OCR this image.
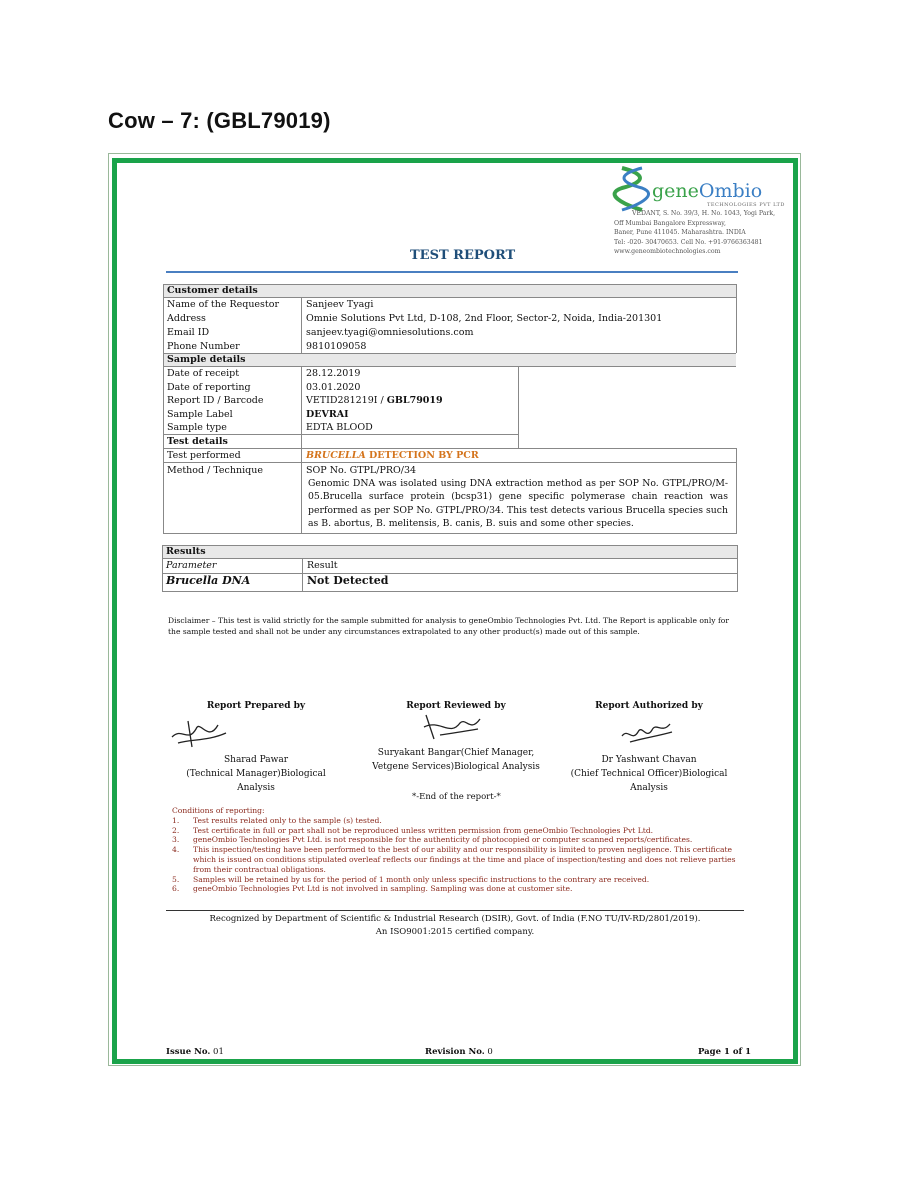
Cow – 7: (GBL79019)
geneOmbio
TECHNOLOGIES PVT LTD
VEDANT, S. No. 39/3, H. No. 1043, Yogi Park,
Off Mumbai Bangalore Expressway,
Baner, Pune 411045. Maharashtra. INDIA
Tel: -020- 30470653. Cell No. +91-9766363481
www.geneombiotechnologies.com
TEST REPORT
Customer details
Name of the Requestor	Sanjeev Tyagi
Address	Omnie Solutions Pvt Ltd, D-108, 2nd Floor, Sector-2, Noida, India-201301
Email ID	sanjeev.tyagi@omniesolutions.com
Phone Number	9810109058
Sample details
Date of receipt	28.12.2019
Date of reporting	03.01.2020
Report ID / Barcode	VETID281219I / GBL79019
Sample Label	DEVRAI
Sample type	EDTA BLOOD
Test details
Test performed	BRUCELLA DETECTION BY PCR
Method / Technique	SOP No. GTPL/PRO/34
Genomic DNA was isolated using DNA extraction method as per SOP No. GTPL/PRO/M-05.Brucella surface protein (bcsp31) gene specific polymerase chain reaction was performed as per SOP No. GTPL/PRO/34. This test detects various Brucella species such as B. abortus, B. melitensis, B. canis, B. suis and some other species.
Results
Parameter	Result
Brucella DNA	Not Detected
Disclaimer – This test is valid strictly for the sample submitted for analysis to geneOmbio Technologies Pvt. Ltd. The Report is applicable only for the sample tested and shall not be under any circumstances extrapolated to any other product(s) made out of this sample.
Report Prepared by
Sharad Pawar
(Technical Manager)Biological Analysis
Report Reviewed by
Suryakant Bangar(Chief Manager,
Vetgene Services)Biological Analysis
Report Authorized by
Dr Yashwant Chavan
(Chief Technical Officer)Biological Analysis
*-End of the report-*
Conditions of reporting:
1. Test results related only to the sample (s) tested.
2. Test certificate in full or part shall not be reproduced unless written permission from geneOmbio Technologies Pvt Ltd.
3. geneOmbio Technologies Pvt Ltd. is not responsible for the authenticity of photocopied or computer scanned reports/certificates.
4. This inspection/testing have been performed to the best of our ability and our responsibility is limited to proven negligence. This certificate which is issued on conditions stipulated overleaf reflects our findings at the time and place of inspection/testing and does not relieve parties from their contractual obligations.
5. Samples will be retained by us for the period of 1 month only unless specific instructions to the contrary are received.
6. geneOmbio Technologies Pvt Ltd is not involved in sampling. Sampling was done at customer site.
Recognized by Department of Scientific & Industrial Research (DSIR), Govt. of India (F.NO TU/IV-RD/2801/2019).
An ISO9001:2015 certified company.
Issue No. 01	Revision No. 0	Page 1 of 1
